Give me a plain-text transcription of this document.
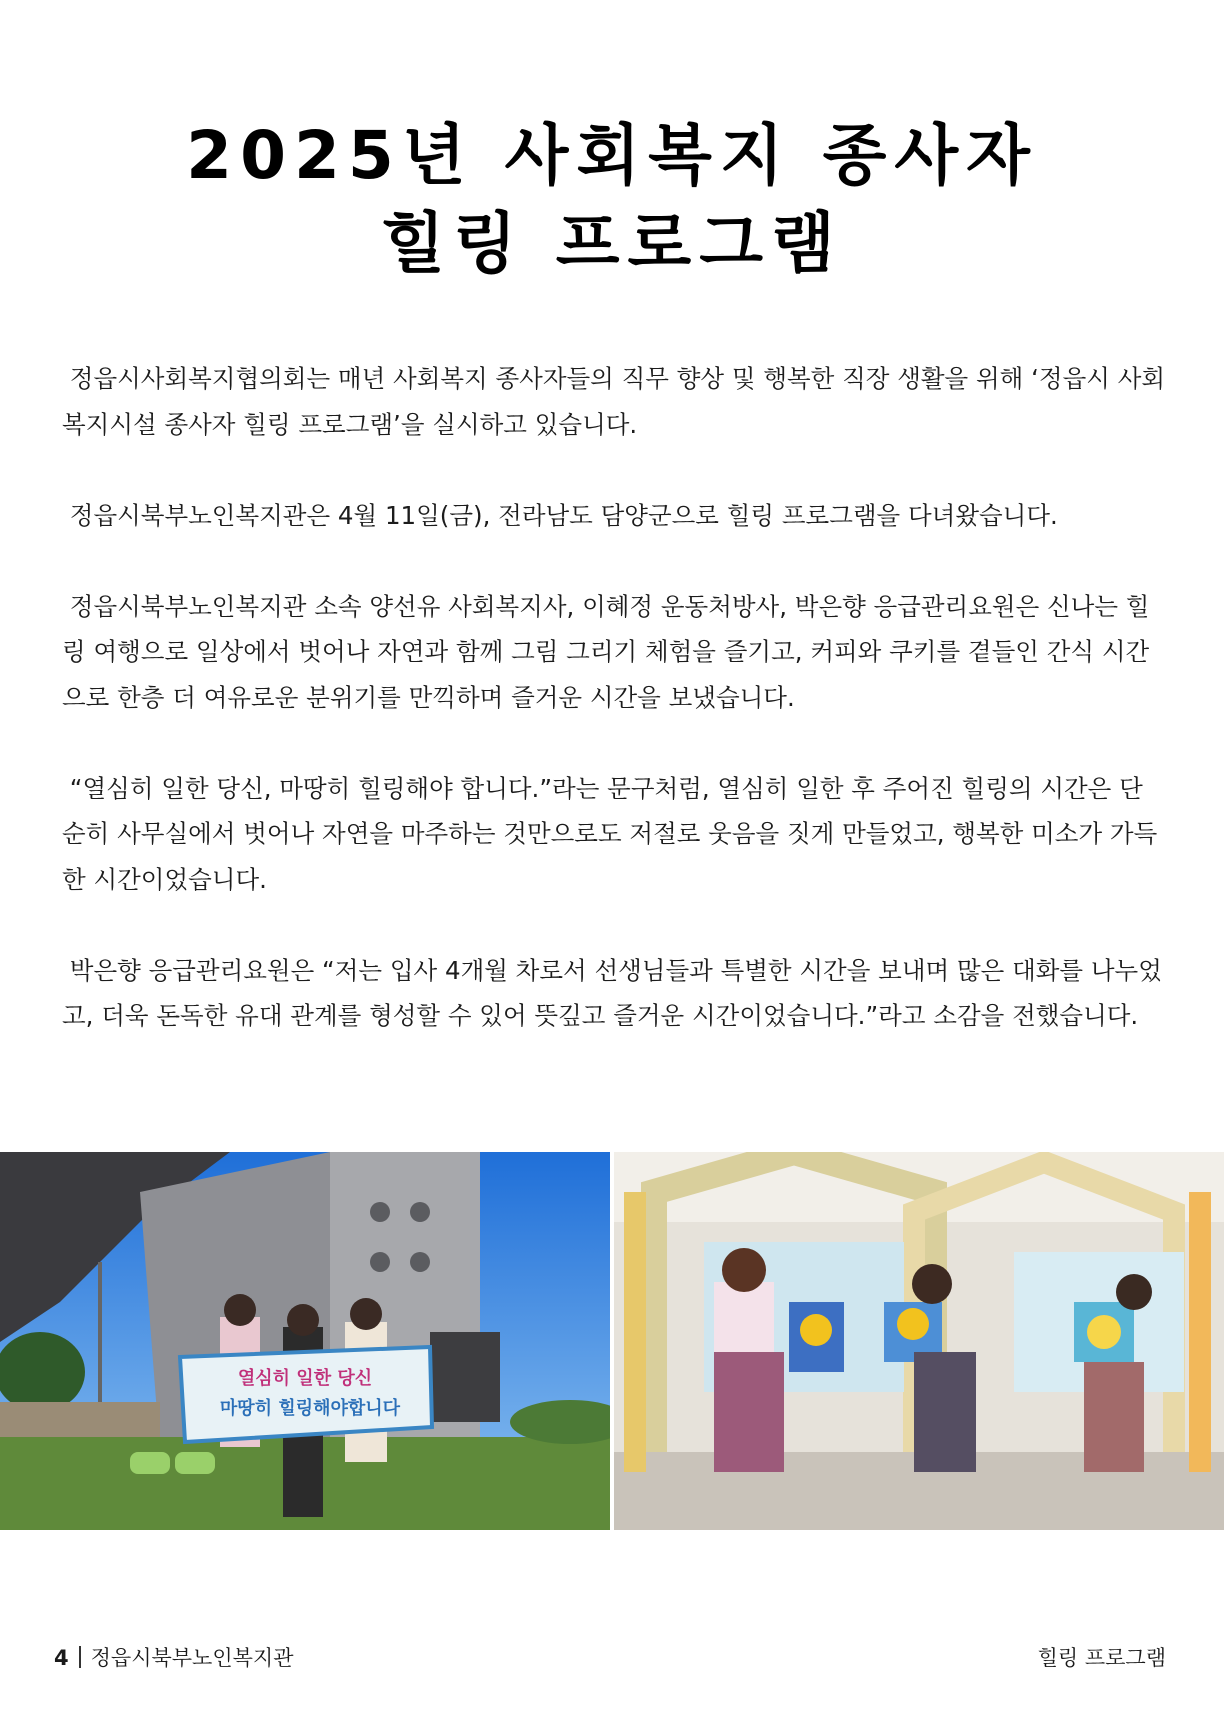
2025년 사회복지 종사자
힐링 프로그램

정읍시사회복지협의회는 매년 사회복지 종사자들의 직무 향상 및 행복한 직장 생활을 위해 ‘정읍시 사회복지시설 종사자 힐링 프로그램’을 실시하고 있습니다.

정읍시북부노인복지관은 4월 11일(금), 전라남도 담양군으로 힐링 프로그램을 다녀왔습니다.

정읍시북부노인복지관 소속 양선유 사회복지사, 이혜정 운동처방사, 박은향 응급관리요원은 신나는 힐링 여행으로 일상에서 벗어나 자연과 함께 그림 그리기 체험을 즐기고, 커피와 쿠키를 곁들인 간식 시간으로 한층 더 여유로운 분위기를 만끽하며 즐거운 시간을 보냈습니다.

“열심히 일한 당신, 마땅히 힐링해야 합니다.”라는 문구처럼, 열심히 일한 후 주어진 힐링의 시간은 단순히 사무실에서 벗어나 자연을 마주하는 것만으로도 저절로 웃음을 짓게 만들었고, 행복한 미소가 가득한 시간이었습니다.

박은향 응급관리요원은 “저는 입사 4개월 차로서 선생님들과 특별한 시간을 보내며 많은 대화를 나누었고, 더욱 돈독한 유대 관계를 형성할 수 있어 뜻깊고 즐거운 시간이었습니다.”라고 소감을 전했습니다.

열심히 일한 당신
마땅히 힐링해야합니다
4 정읍시북부노인복지관	힐링 프로그램
